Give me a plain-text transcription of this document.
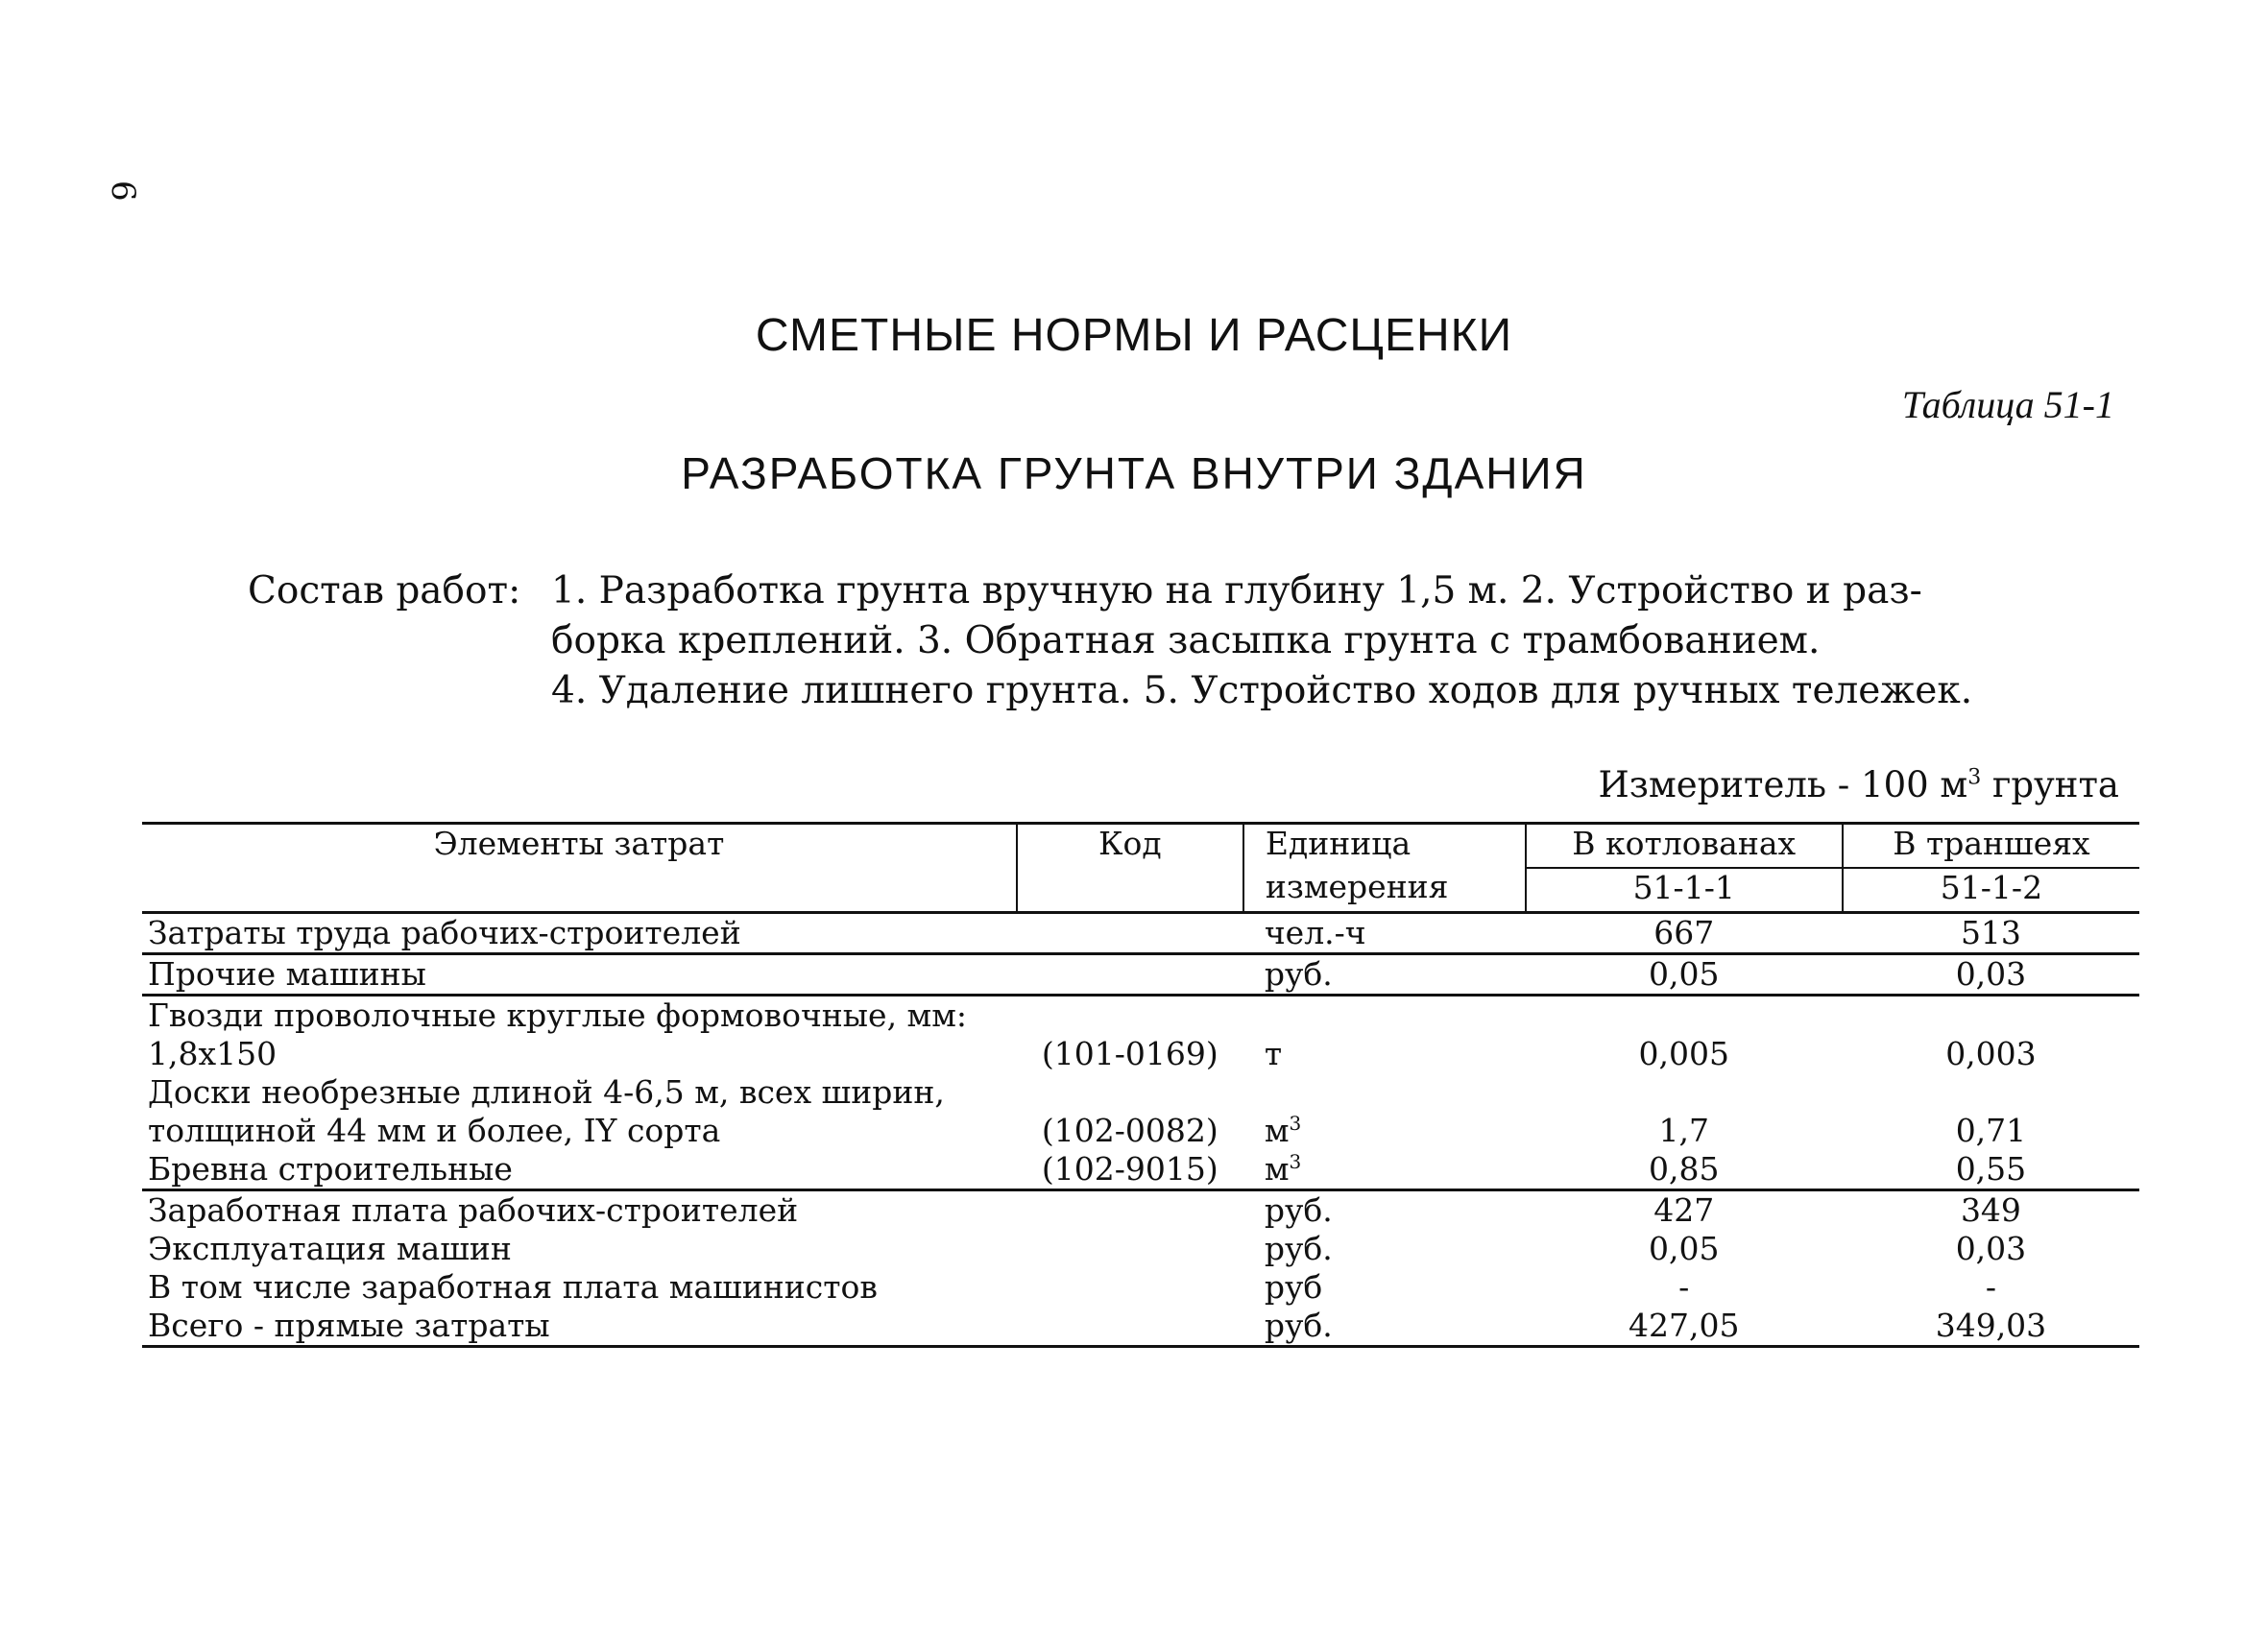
6
СМЕТНЫЕ НОРМЫ И РАСЦЕНКИ
Таблица 51-1
РАЗРАБОТКА ГРУНТА ВНУТРИ ЗДАНИЯ
Состав работ: 1. Разработка грунта вручную на глубину 1,5 м. 2. Устройство и раз-
борка креплений. 3. Обратная засыпка грунта с трамбованием.
4. Удаление лишнего грунта. 5. Устройство ходов для ручных тележек.
Измеритель - 100 $м^3$ грунта
Элементы затрат	Код	Единица	В котлованах	В траншеях
		измерения	51-1-1	51-1-2
Затраты труда рабочих-строителей		чел.-ч	667	513
Прочие машины		руб.	0,05	0,03
Гвозди проволочные круглые формовочные, мм:				
1,8x150	(101-0169)	т	0,005	0,003
Доски необрезные длиной 4-6,5 м, всех ширин,				
толщиной 44 мм и более, IY сорта	(102-0082)	$м^3$	1,7	0,71
Бревна строительные	(102-9015)	$м^3$	0,85	0,55
Заработная плата рабочих-строителей		руб.	427	349
Эксплуатация машин		руб.	0,05	0,03
В том числе заработная плата машинистов		руб	-	-
Всего - прямые затраты		руб.	427,05	349,03
